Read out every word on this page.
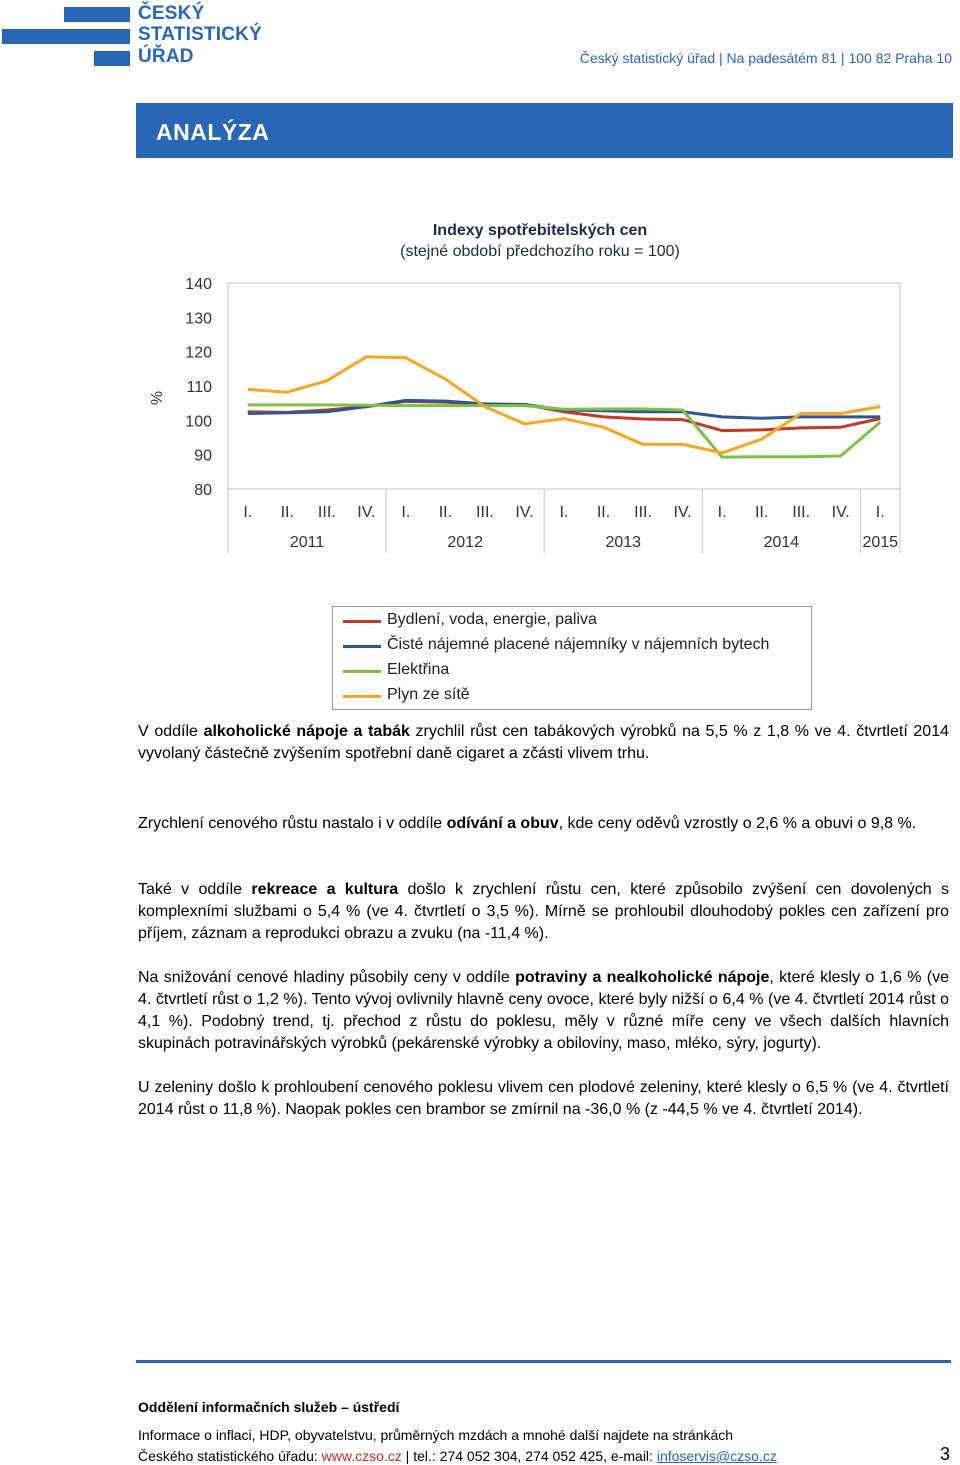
ČESKÝ
STATISTICKÝ
ÚŘAD	Český statistický úřad | Na padesátém 81 | 100 82 Praha 10
ANALÝZA
Indexy spotřebitelských cen
(stejné období předchozího roku = 100)
80
90
100
110
120
130
140
I. II. III. IV. I. II. III. IV. I. II. III. IV. I. II. III. IV. I.
2011	2012	2013	2014	2015
%
Bydlení, voda, energie, paliva
Čisté nájemné placené nájemníky v nájemních bytech
Elektřina
Plyn ze sítě
V oddíle alkoholické nápoje a tabák zrychlil růst cen tabákových výrobků na 5,5 % z 1,8 % ve 4. čtvrtletí 2014 vyvolaný částečně zvýšením spotřební daně cigaret a zčásti vlivem trhu.
Zrychlení cenového růstu nastalo i v oddíle odívání a obuv, kde ceny oděvů vzrostly o 2,6 % a obuvi o 9,8 %.
Také v oddíle rekreace a kultura došlo k zrychlení růstu cen, které způsobilo zvýšení cen dovolených s komplexními službami o 5,4 % (ve 4. čtvrtletí o 3,5 %). Mírně se prohloubil dlouhodobý pokles cen zařízení pro příjem, záznam a reprodukci obrazu a zvuku (na -11,4 %).
Na snižování cenové hladiny působily ceny v oddíle potraviny a nealkoholické nápoje, které klesly o 1,6 % (ve 4. čtvrtletí růst o 1,2 %). Tento vývoj ovlivnily hlavně ceny ovoce, které byly nižší o 6,4 % (ve 4. čtvrtletí 2014 růst o 4,1 %). Podobný trend, tj. přechod z růstu do poklesu, měly v různé míře ceny ve všech dalších hlavních skupinách potravinářských výrobků (pekárenské výrobky a obiloviny, maso, mléko, sýry, jogurty).
U zeleniny došlo k prohloubení cenového poklesu vlivem cen plodové zeleniny, které klesly o 6,5 % (ve 4. čtvrtletí 2014 růst o 11,8 %). Naopak pokles cen brambor se zmírnil na -36,0 % (z -44,5 % ve 4. čtvrtletí 2014).
Oddělení informačních služeb – ústředí
Informace o inflaci, HDP, obyvatelstvu, průměrných mzdách a mnohé další najdete na stránkách
Českého statistického úřadu: www.czso.cz | tel.: 274 052 304, 274 052 425, e-mail: infoservis@czso.cz	3
